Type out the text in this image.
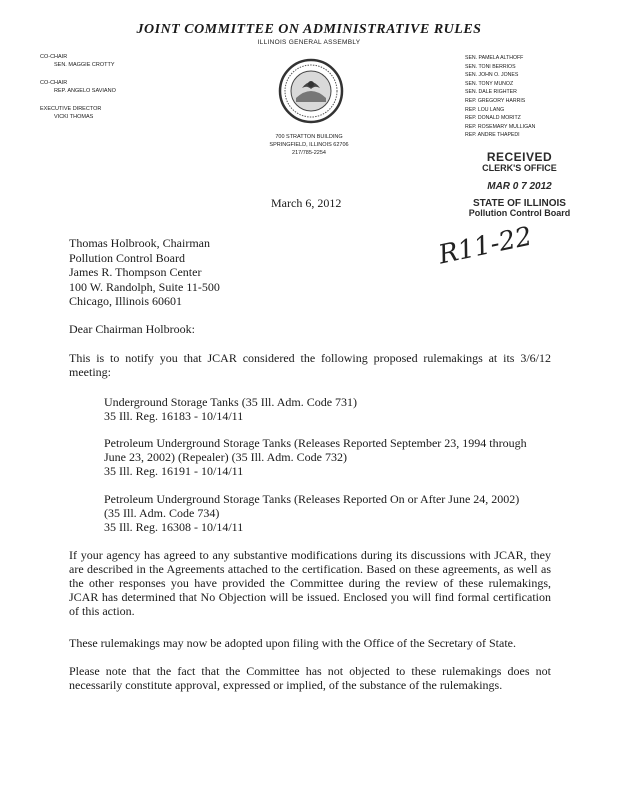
JOINT COMMITTEE ON ADMINISTRATIVE RULES
ILLINOIS GENERAL ASSEMBLY
CO-CHAIR
SEN. MAGGIE CROTTY
CO-CHAIR
REP. ANGELO SAVIANO
EXECUTIVE DIRECTOR
VICKI THOMAS
SEN. PAMELA ALTHOFF
SEN. TONI BERRIOS
SEN. JOHN O. JONES
SEN. TONY MUNOZ
SEN. DALE RIGHTER
REP. GREGORY HARRIS
REP. LOU LANG
REP. DONALD MORITZ
REP. ROSEMARY MULLIGAN
REP. ANDRE THAPEDI
700 STRATTON BUILDING
SPRINGFIELD, ILLINOIS 62706
217/785-2254	RECEIVED
CLERK'S OFFICE
MAR 0 7 2012
STATE OF ILLINOIS
Pollution Control Board
R11-22
March 6, 2012
Thomas Holbrook, Chairman
Pollution Control Board
James R. Thompson Center
100 W. Randolph, Suite 11-500
Chicago, Illinois 60601
Dear Chairman Holbrook:
This is to notify you that JCAR considered the following proposed rulemakings at its 3/6/12 meeting:
Underground Storage Tanks (35 Ill. Adm. Code 731)
35 Ill. Reg. 16183 - 10/14/11
Petroleum Underground Storage Tanks (Releases Reported September 23, 1994 through
June 23, 2002) (Repealer) (35 Ill. Adm. Code 732)
35 Ill. Reg. 16191 - 10/14/11
Petroleum Underground Storage Tanks (Releases Reported On or After June 24, 2002)
(35 Ill. Adm. Code 734)
35 Ill. Reg. 16308 - 10/14/11
If your agency has agreed to any substantive modifications during its discussions with JCAR, they are described in the Agreements attached to the certification. Based on these agreements, as well as the other responses you have provided the Committee during the review of these rulemakings, JCAR has determined that No Objection will be issued. Enclosed you will find formal certification of this action.
These rulemakings may now be adopted upon filing with the Office of the Secretary of State.
Please note that the fact that the Committee has not objected to these rulemakings does not necessarily constitute approval, expressed or implied, of the substance of the rulemakings.
